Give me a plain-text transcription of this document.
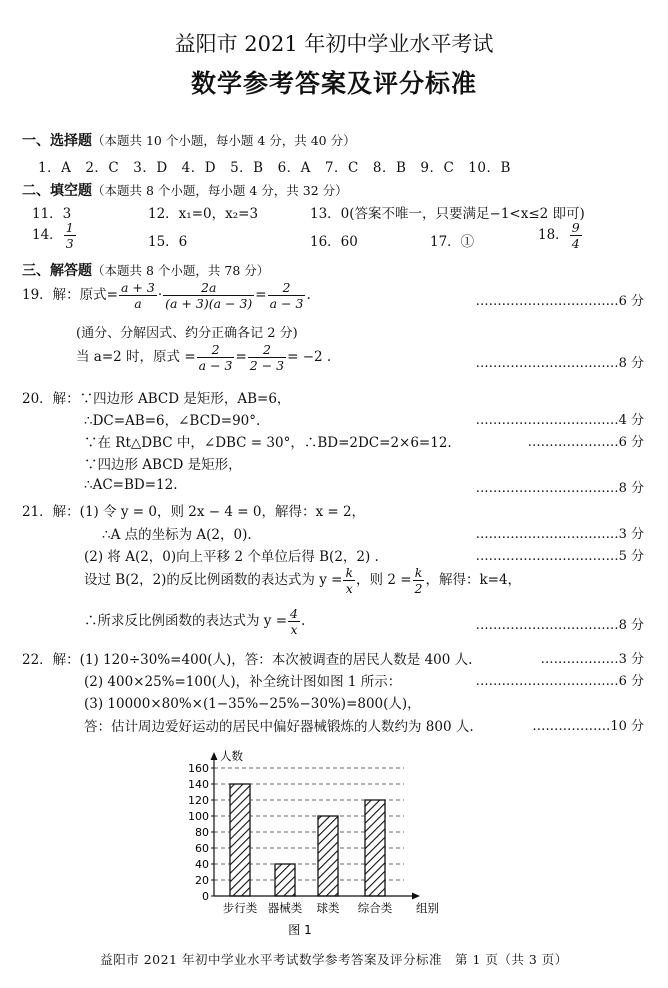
益阳市 2021 年初中学业水平考试
数学参考答案及评分标准
一、选择题（本题共 10 个小题，每小题 4 分，共 40 分）
1．A　2．C　3．D　4．D　5．B　6．A　7．C　8．B　9．C　10．B
二、填空题（本题共 8 个小题，每小题 4 分，共 32 分）
11．3	12．x₁=0，x₂=3	13．0(答案不唯一，只要满足−1<x≤2 即可)
14． $\frac{1}{3}$	15．6	16．60	17．①	18． $\frac{9}{4}$
三、解答题（本题共 8 个小题，共 78 分）
19．解：原式= $\frac{a + 3}{a} \cdot \frac{2a}{(a + 3)(a - 3)} = \frac{2}{a - 3}$ .	……………………………6 分
(通分、分解因式、约分正确各记 2 分)
当 a=2 时，原式 = $\frac{2}{a - 3} = \frac{2}{2 - 3} = -2$ .	……………………………8 分
20．解：∵四边形 ABCD 是矩形，AB=6，
∴DC=AB=6，∠BCD=90°.	……………………………4 分
∵在 Rt△DBC 中，∠DBC = 30°，∴BD=2DC=2×6=12.	…………………6 分
∵四边形 ABCD 是矩形，
∴AC=BD=12.	……………………………8 分
21．解：(1) 令 y = 0，则 2x − 4 = 0，解得：x = 2，
∴A 点的坐标为 A(2，0).	……………………………3 分
(2) 将 A(2，0)向上平移 2 个单位后得 B(2，2) .	……………………………5 分
设过 B(2，2)的反比例函数的表达式为 $y = \frac{k}{x}$ ，则 $2 = \frac{k}{2}$ ，解得：k=4，
∴所求反比例函数的表达式为 $y = \frac{4}{x}$ .	……………………………8 分
22．解：(1) 120÷30%=400(人)，答：本次被调查的居民人数是 400 人.	………………3 分
(2) 400×25%=100(人)，补全统计图如图 1 所示：	……………………………6 分
(3) 10000×80%×(1−35%−25%−30%)=800(人)，
答：估计周边爱好运动的居民中偏好器械锻炼的人数约为 800 人.	………………10 分
0
20
40
60
80
100
120
140
160
人数
步行类 器械类 球类 综合类 组别
图 1
益阳市 2021 年初中学业水平考试数学参考答案及评分标准　第 1 页（共 3 页）
